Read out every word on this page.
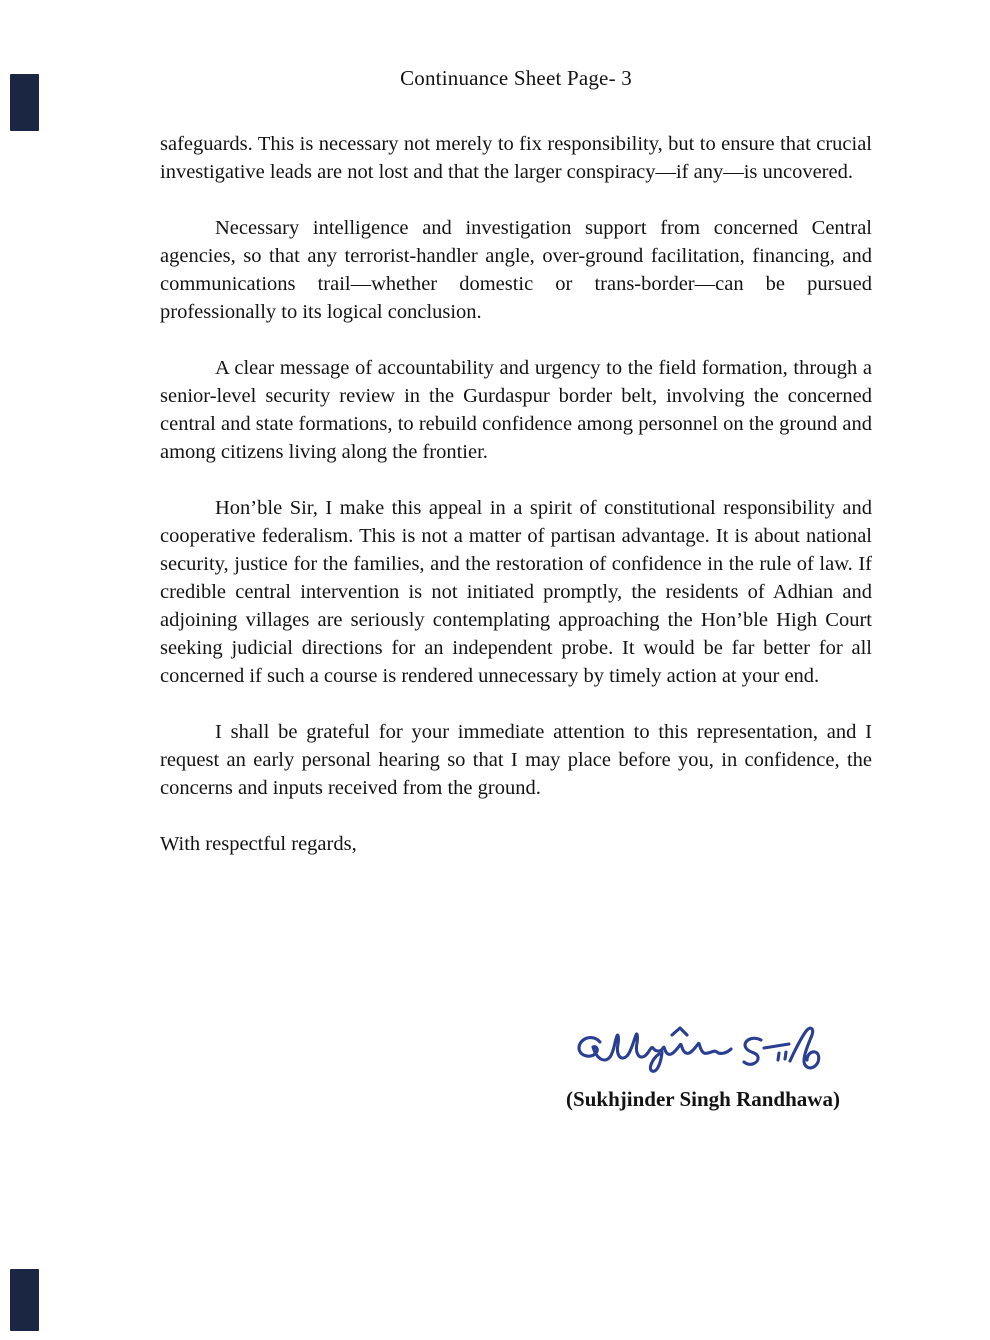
Continuance Sheet Page- 3

safeguards. This is necessary not merely to fix responsibility, but to ensure that crucial investigative leads are not lost and that the larger conspiracy—if any—is uncovered.

Necessary intelligence and investigation support from concerned Central agencies, so that any terrorist-handler angle, over-ground facilitation, financing, and communications trail—whether domestic or trans-border—can be pursued professionally to its logical conclusion.

A clear message of accountability and urgency to the field formation, through a senior-level security review in the Gurdaspur border belt, involving the concerned central and state formations, to rebuild confidence among personnel on the ground and among citizens living along the frontier.

Hon’ble Sir, I make this appeal in a spirit of constitutional responsibility and cooperative federalism. This is not a matter of partisan advantage. It is about national security, justice for the families, and the restoration of confidence in the rule of law. If credible central intervention is not initiated promptly, the residents of Adhian and adjoining villages are seriously contemplating approaching the Hon’ble High Court seeking judicial directions for an independent probe. It would be far better for all concerned if such a course is rendered unnecessary by timely action at your end.

I shall be grateful for your immediate attention to this representation, and I request an early personal hearing so that I may place before you, in confidence, the concerns and inputs received from the ground.

With respectful regards,

(Sukhjinder Singh Randhawa)
